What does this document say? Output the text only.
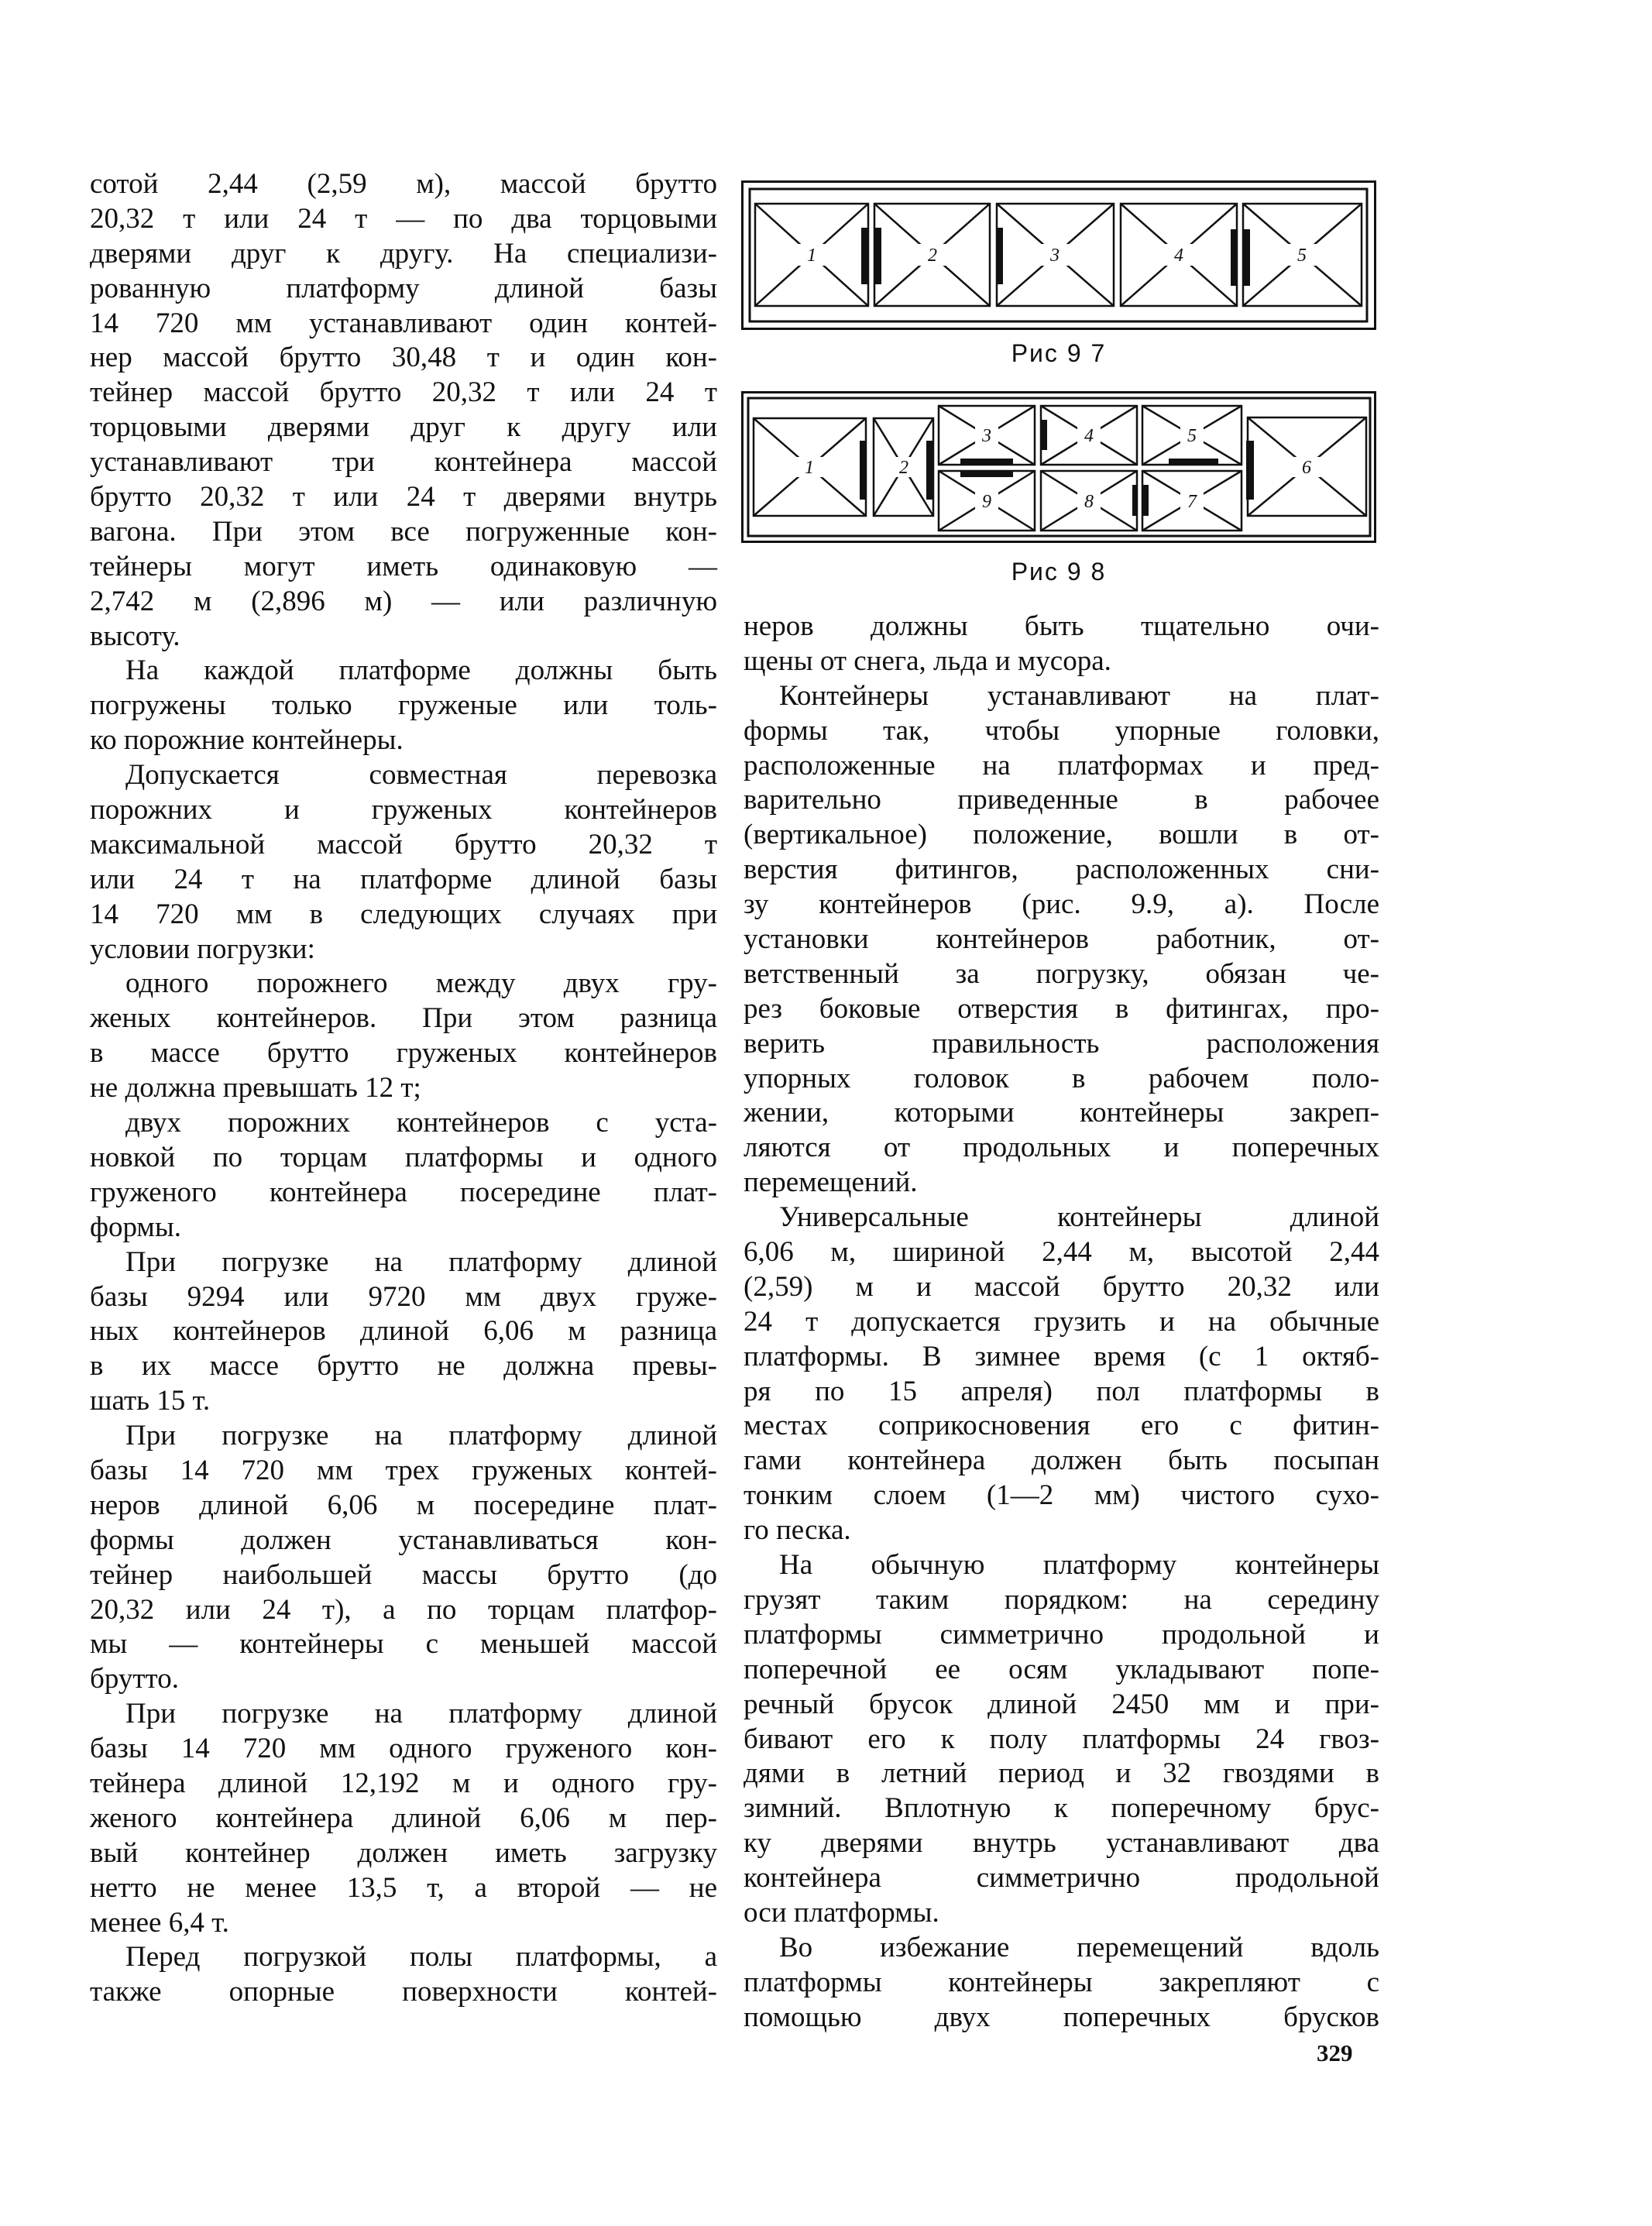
сотой 2,44 (2,59 м), массой брутто
20,32 т или 24 т — по два торцовыми
дверями друг к другу. На специализи-
рованную платформу длиной базы
14 720 мм устанавливают один контей-
нер массой брутто 30,48 т и один кон-
тейнер массой брутто 20,32 т или 24 т
торцовыми дверями друг к другу или
устанавливают три контейнера массой
брутто 20,32 т или 24 т дверями внутрь
вагона. При этом все погруженные кон-
тейнеры могут иметь одинаковую —
2,742 м (2,896 м) — или различную
высоту.
На каждой платформе должны быть
погружены только груженые или толь-
ко порожние контейнеры.
Допускается совместная перевозка
порожних и груженых контейнеров
максимальной массой брутто 20,32 т
или 24 т на платформе длиной базы
14 720 мм в следующих случаях при
условии погрузки:
одного порожнего между двух гру-
женых контейнеров. При этом разница
в массе брутто груженых контейнеров
не должна превышать 12 т;
двух порожних контейнеров с уста-
новкой по торцам платформы и одного
груженого контейнера посередине плат-
формы.
При погрузке на платформу длиной
базы 9294 или 9720 мм двух груже-
ных контейнеров длиной 6,06 м разница
в их массе брутто не должна превы-
шать 15 т.
При погрузке на платформу длиной
базы 14 720 мм трех груженых контей-
неров длиной 6,06 м посередине плат-
формы должен устанавливаться кон-
тейнер наибольшей массы брутто (до
20,32 или 24 т), а по торцам платфор-
мы — контейнеры с меньшей массой
брутто.
При погрузке на платформу длиной
базы 14 720 мм одного груженого кон-
тейнера длиной 12,192 м и одного гру-
женого контейнера длиной 6,06 м пер-
вый контейнер должен иметь загрузку
нетто не менее 13,5 т, а второй — не
менее 6,4 т.
Перед погрузкой полы платформы, а
также опорные поверхности контей-
неров должны быть тщательно очи-
щены от снега, льда и мусора.
Контейнеры устанавливают на плат-
формы так, чтобы упорные головки,
расположенные на платформах и пред-
варительно приведенные в рабочее
(вертикальное) положение, вошли в от-
верстия фитингов, расположенных сни-
зу контейнеров (рис. 9.9, а). После
установки контейнеров работник, от-
ветственный за погрузку, обязан че-
рез боковые отверстия в фитингах, про-
верить правильность расположения
упорных головок в рабочем поло-
жении, которыми контейнеры закреп-
ляются от продольных и поперечных
перемещений.
Универсальные контейнеры длиной
6,06 м, шириной 2,44 м, высотой 2,44
(2,59) м и массой брутто 20,32 или
24 т допускается грузить и на обычные
платформы. В зимнее время (с 1 октяб-
ря по 15 апреля) пол платформы в
местах соприкосновения его с фитин-
гами контейнера должен быть посыпан
тонким слоем (1—2 мм) чистого сухо-
го песка.
На обычную платформу контейнеры
грузят таким порядком: на середину
платформы симметрично продольной и
поперечной ее осям укладывают попе-
речный брусок длиной 2450 мм и при-
бивают его к полу платформы 24 гвоз-
дями в летний период и 32 гвоздями в
зимний. Вплотную к поперечному брус-
ку дверями внутрь устанавливают два
контейнера симметрично продольной
оси платформы.
Во избежание перемещений вдоль
платформы контейнеры закрепляют с
помощью двух поперечных брусков
1	2	3	4	5
Рис 9 7
1	2
3	4	5
6
7
8
9
Рис 9 8
329
